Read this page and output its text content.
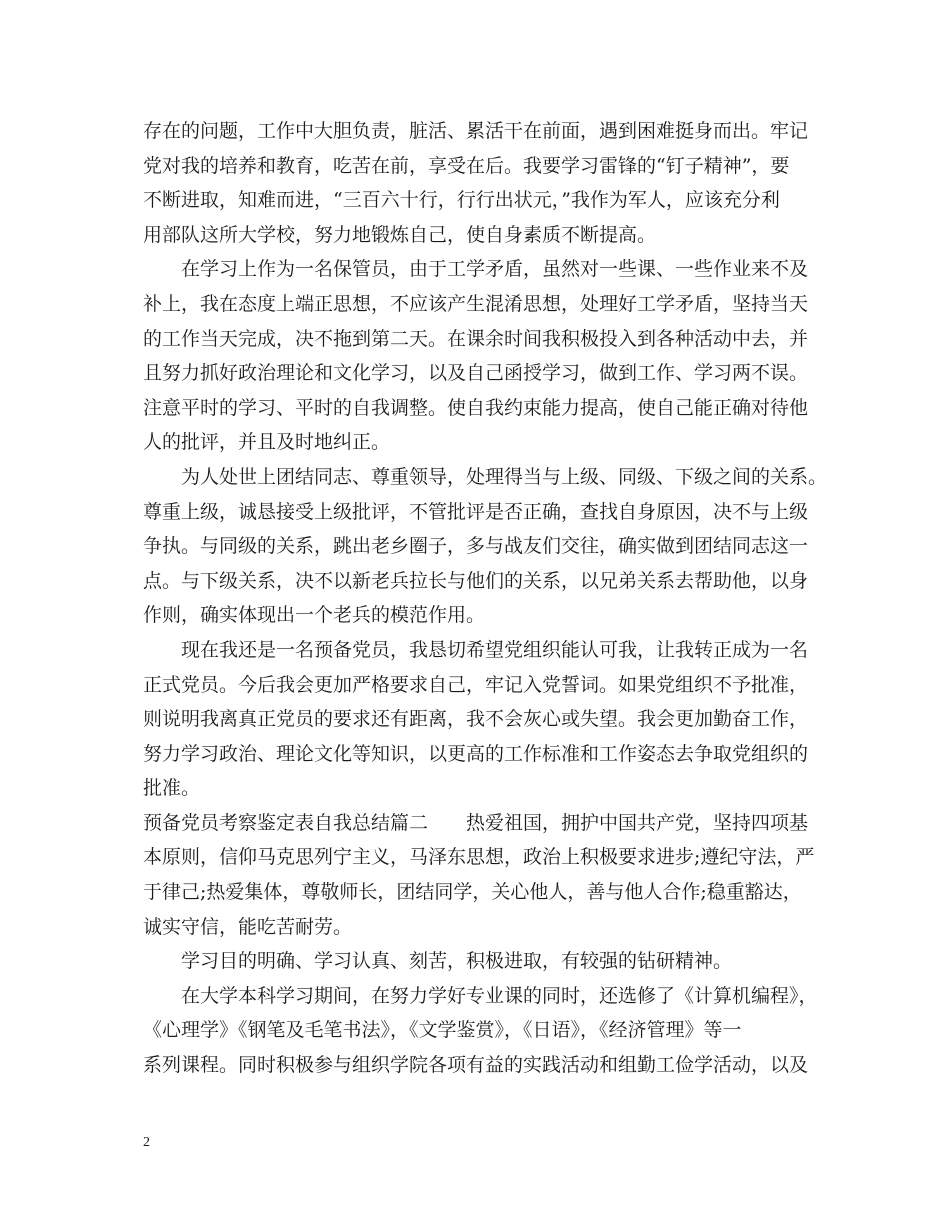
存在的问题，工作中大胆负责，脏活、累活干在前面，遇到困难挺身而出。牢记
党对我的培养和教育，吃苦在前，享受在后。我要学习雷锋的“钉子精神”，要
不断进取，知难而进，“三百六十行，行行出状元，”我作为军人，应该充分利
用部队这所大学校，努力地锻炼自己，使自身素质不断提高。
在学习上作为一名保管员，由于工学矛盾，虽然对一些课、一些作业来不及
补上，我在态度上端正思想，不应该产生混淆思想，处理好工学矛盾，坚持当天
的工作当天完成，决不拖到第二天。在课余时间我积极投入到各种活动中去，并
且努力抓好政治理论和文化学习，以及自己函授学习，做到工作、学习两不误。
注意平时的学习、平时的自我调整。使自我约束能力提高，使自己能正确对待他
人的批评，并且及时地纠正。
为人处世上团结同志、尊重领导，处理得当与上级、同级、下级之间的关系。
尊重上级，诚恳接受上级批评，不管批评是否正确，查找自身原因，决不与上级
争执。与同级的关系，跳出老乡圈子，多与战友们交往，确实做到团结同志这一
点。与下级关系，决不以新老兵拉长与他们的关系，以兄弟关系去帮助他，以身
作则，确实体现出一个老兵的模范作用。
现在我还是一名预备党员，我恳切希望党组织能认可我，让我转正成为一名
正式党员。今后我会更加严格要求自己，牢记入党誓词。如果党组织不予批准，
则说明我离真正党员的要求还有距离，我不会灰心或失望。我会更加勤奋工作，
努力学习政治、理论文化等知识，以更高的工作标准和工作姿态去争取党组织的
批准。
预备党员考察鉴定表自我总结篇二　　热爱祖国，拥护中国共产党，坚持四项基
本原则，信仰马克思列宁主义，马泽东思想，政治上积极要求进步;遵纪守法，严
于律己;热爱集体，尊敬师长，团结同学，关心他人，善与他人合作;稳重豁达，
诚实守信，能吃苦耐劳。
学习目的明确、学习认真、刻苦，积极进取，有较强的钻研精神。
在大学本科学习期间，在努力学好专业课的同时，还选修了《计算机编程》，
《心理学》《钢笔及毛笔书法》，《文学鉴赏》，《日语》，《经济管理》等一
系列课程。同时积极参与组织学院各项有益的实践活动和组勤工俭学活动，以及
2
